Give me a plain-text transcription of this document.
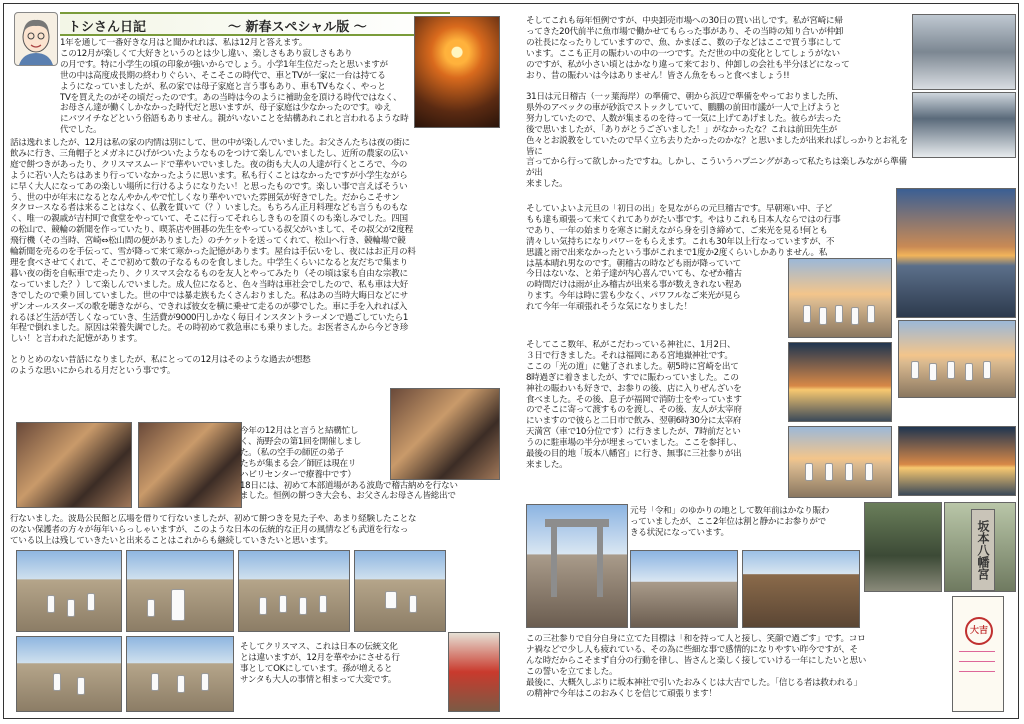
トシさん日記	～ 新春スペシャル版 ～
1年を通して一番好きな月はと聞かれれば、私は12月と答えます。
この12月が楽しくて大好きというのとは少し違い、楽しさもあり寂しさもあり
の月です。特に小学生の頃の印象が強いからでしょう。小学1年生位だったと思いますが
世の中は高度成長期の終わりぐらい、そこそこの時代で、車とTVが一家に一台は持てる
ようになっていましたが、私の家では母子家庭と言う事もあり、車もTVもなく、やっと
TVを買えたのがその頃だったのです。あの当時は今のように補助金を頂ける時代ではなく、
お母さん達が働くしかなかった時代だと思いますが、母子家庭は少なかったのです。ゆえ
にバツイチなどという俗語もありません。親がいないことを結構あれこれと言われるような時代でした。
話は逸れましたが、12月は私の家の内情は別にして、世の中が楽しんでいました。お父さんたちは夜の街に
飲みに行き、三角帽子とメガネにひげがついたようなものをつけて楽しんでいましたし、近所の農家の広い
庭で餅つきがあったり、クリスマスムードで華やいでいました。夜の街も大人の人達が行くところで、今の
ように若い人たちはあまり行っていなかったように思います。私も行くことはなかったですが小学生ながら
に早く大人になってあの楽しい場所に行けるようになりたい！と思ったものです。楽しい事で言えばそうい
う、世の中が年末になるとなんやかんやで忙しくなり華やいでいた雰囲気が好きでした。だからこそサン
タクロースなる者は来ることはなく、仏教を貫いて（？）いました。もちろん正月料理なども言うものもな
く、唯一の親戚が吉村町で食堂をやっていて、そこに行ってそれらしきものを頂くのも楽しみでした。四国
の松山で、競輪の新聞を作っていたり、喫茶店や囲碁の先生をやっている叔父がいまして、その叔父が2度程
飛行機（その当時、宮崎⇔松山間の便がありました）のチケットを送ってくれて、松山へ行き、競輪場で競
輪新聞を売るのを手伝って、雪が降って来て寒かった記憶があります。屋台は手伝いをし、夜にはお正月の料
理を食べさせてくれて、そこで初めて数の子なるものを食しました。中学生くらいになると友だちで集まり
暮い夜の街を自転車で走ったり、クリスマス会なるものを友人とやってみたり（その頃は家も自由な宗教に
なっていました？）して楽しんでいました。成人位になると、色々当時は車社会でしたので、私も車は大好
きでしたので乗り回していました。世の中では暴走族もたくさんおりました。私はあの当時大晦日などにサ
ザンオールスターズの歌を聴きながら、できれば彼女を横に乗せて走るのが夢でした。車に手を入れれば入
れるほど生活が苦しくなっていき、生活費が9000円しかなく毎日インスタントラーメンで過ごしていたら1
年程で倒れました。原因は栄養失調でした。その時初めて救急車にも乗りました。お医者さんから今どき珍
しい！と言われた記憶があります。
とりとめのない昔話になりましたが、私にとっての12月はそのような過去が想愁
のような思いにかられる月だという事です。
今年の12月はと言うと結構忙し
く、海野会の第1回を開催しまし
た。（私の空手の師匠の弟子
たちが集まる会／師匠は現在リ
ハビリセンターで療養中です）
18日には、初めて本部道場がある波島で稽古納めを行ない
ました。恒例の餅つき大会も、お父さんお母さん皆総出で
行ないました。波島公民館と広場を借りて行ないましたが、初めて餅つきを見た子や、あまり経験したことな
のない保護者の方々が毎年いらっしゃいますが、このような日本の伝統的な正月の風情なども武道を行なっ
ている以上は残していきたいと出来ることはこれからも継続していきたいと思います。
そしてクリスマス、これは日本の伝統文化
とは違いますが、12月を華やかにさせる行
事としてOKにしています。孫が増えると
サンタも大人の事情と相まって大変です。
そしてこれも毎年恒例ですが、中央卸売市場への30日の買い出しです。私が宮崎に帰
ってきた20代前半に魚市場で働かせてもらった事があり、その当時の知り合いが仲卸
の社長になったりしていますので、魚、かまぼこ、数の子などはここで買う事にして
います。ここも正月の賑わいの中の一つです。ただ世の中の変化としてしょうがない
のですが、私が小さい頃とはかなり違って来ており、仲卸しの会社も半分ほどになって
おり、昔の賑わいは今はありません！皆さん魚をもっと食べましょう!!
31日は元日稽古（一ッ葉海岸）の準備で、朝から浜辺で準備をやっておりました所、
県外のアベックの車が砂浜でストックしていて、鵬鵬の前田市議が一人で上げようと
努力していたので、人数が集まるのを待って一気に上げてあげました。彼らが去った
後で思いましたが、「ありがとうございました！」がなかったな？これは前田先生が
色々とお説教をしていたので早く立ち去りたかったのかな？と思いましたが出来ればしっかりとお礼を皆に
言ってから行って欲しかったですね。しかし、こういうハプニングがあって私たちは楽しみながら準備が出
来ました。
そしていよいよ元旦の「初日の出」を見ながらの元旦稽古です。早朝寒い中、子ど
もも達も頑張って来てくれてありがたい事です。やはりこれも日本人ならではの行事
であり、一年の始まりを寒さに耐えながら身を引き締めて、ご来光を見る!何とも
清々しい気持ちになりパワーをもらえます。これも30年以上行なっていますが、不
思議と雨で出来なかったという事がこれまで1度か2度くらいしかありません。私
は基本晴れ男なのです。朝稽古の時なども雨が降っていて
今日はないな、と弟子達が内心喜んでいても、なぜか稽古
の時間だけは雨が止み稽古が出来る事が数えきれない程あ
ります。今年は時に雲も少なく、パワフルなご来光が見ら
れて今年一年頑張れそうな気になりました！
そしてここ数年、私がこだわっている神社に、1月2日、
３日で行きました。それは福岡にある宮地嶽神社です。
ここの「光の道」に魅了されました。朝5時に宮崎を出て
8時過ぎに着きましたが、すでに賑わっていました。この
神社の賑わいも好きで、お参りの後、店に入りぜんざいを
食べました。その後、息子が福岡で消防士をやっています
のでそこに寄って渡すものを渡し、その後、友人が太宰府
にいますので彼らと二日市で飲み、翌朝6時30分に太宰府
天満宮（車で10分位です）に行きましたが、7時前だとい
うのに駐車場の半分が埋まっていました。ここを参拝し、
最後の目的地「坂本八幡宮」に行き、無事に三社参りが出
来ました。
元号「令和」のゆかりの地として数年前はかなり賑わ
っていましたが、ここ2年位は割と静かにお参りがで
きる状況になっています。	坂本八幡宮
大吉
この三社参りで自分自身に立てた目標は「和を持って人と接し、笑顔で過ごす」です。コロ
ナ禍などで少し人も疲れている、その為に些細な事で感情的になりやすい昨今ですが、そ
んな時だからこそまず自分の行動を律し、皆さんと楽しく接していける一年にしたいと思い
この誓いを立てました。
最後に、大概久しぶりに坂本神社で引いたおみくじは大吉でした。「信じる者は救われる」
の精神で今年はこのおみくじを信じて頑張ります！
